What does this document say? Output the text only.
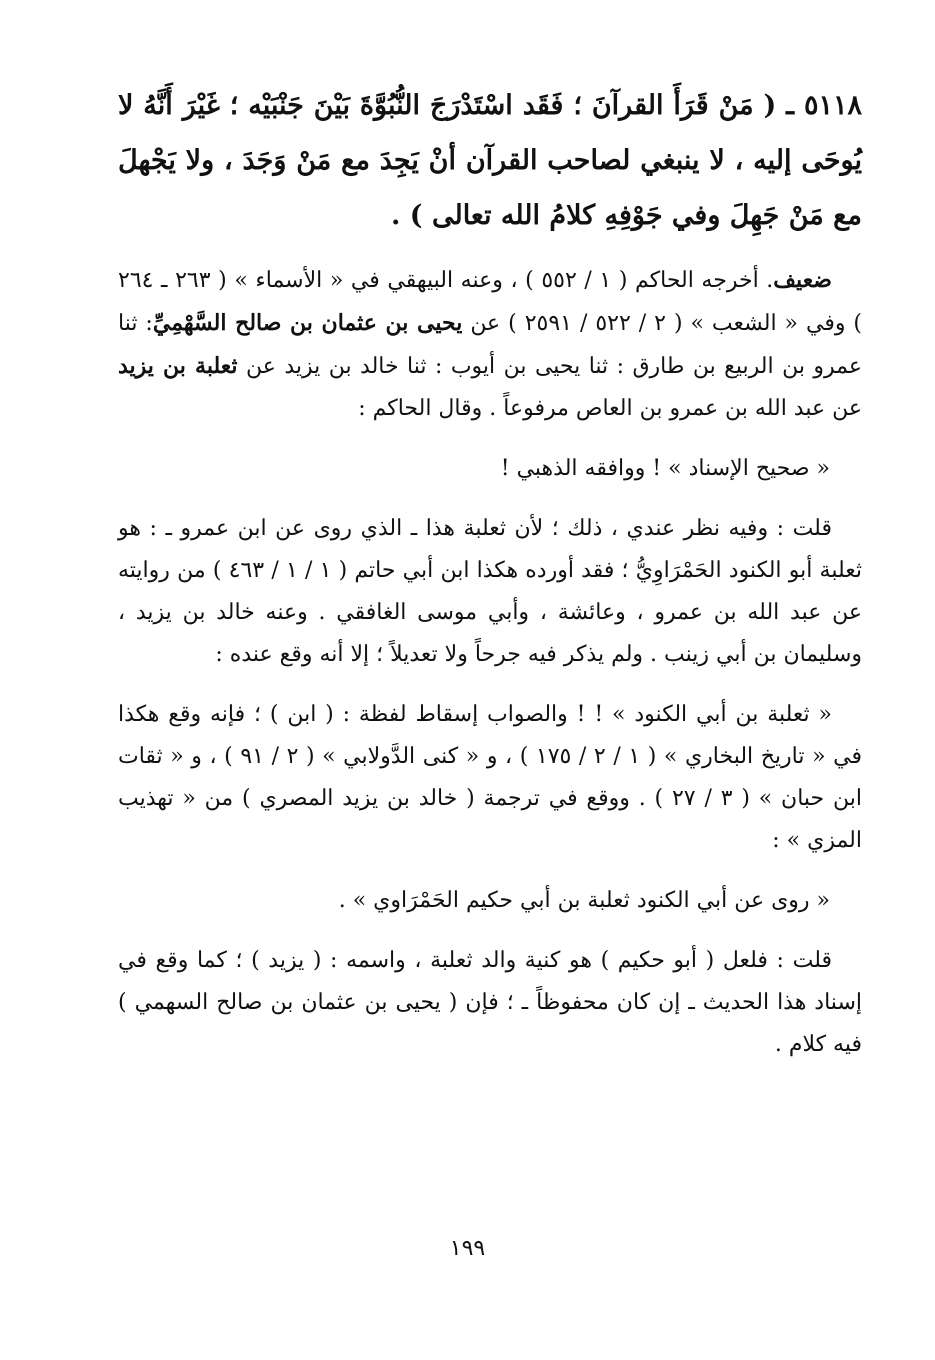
٥١١٨ ـ ( مَنْ قَرَأَ القرآنَ ؛ فَقَد اسْتَدْرَجَ النُّبُوَّةَ بَيْنَ جَنْبَيْه ؛ غَيْرَ أَنَّهُ لا يُوحَى إليه ، لا ينبغي لصاحب القرآن أنْ يَجِدَ مع مَنْ وَجَدَ ، ولا يَجْهلَ مع مَنْ جَهِلَ وفي جَوْفِهِ كلامُ الله تعالى ) .

ضعيف. أخرجه الحاكم ( ١ / ٥٥٢ ) ، وعنه البيهقي في « الأسماء » ( ٢٦٣ ـ ٢٦٤ ) وفي « الشعب » ( ٢ / ٥٢٢ / ٢٥٩١ ) عن يحيى بن عثمان بن صالح السَّهْمِيِّ: ثنا عمرو بن الربيع بن طارق : ثنا يحيى بن أيوب : ثنا خالد بن يزيد عن ثعلبة بن يزيد عن عبد الله بن عمرو بن العاص مرفوعاً . وقال الحاكم :

« صحيح الإسناد » ! ووافقه الذهبي !

قلت : وفيه نظر عندي ، ذلك ؛ لأن ثعلبة هذا ـ الذي روى عن ابن عمرو ـ : هو ثعلبة أبو الكنود الحَمْرَاوِيُّ ؛ فقد أورده هكذا ابن أبي حاتم ( ١ / ١ / ٤٦٣ ) من روايته عن عبد الله بن عمرو ، وعائشة ، وأبي موسى الغافقي . وعنه خالد بن يزيد ، وسليمان بن أبي زينب . ولم يذكر فيه جرحاً ولا تعديلاً ؛ إلا أنه وقع عنده :

« ثعلبة بن أبي الكنود » ! ! والصواب إسقاط لفظة : ( ابن ) ؛ فإنه وقع هكذا في « تاريخ البخاري » ( ١ / ٢ / ١٧٥ ) ، و « كنى الدَّولابي » ( ٢ / ٩١ ) ، و « ثقات ابن حبان » ( ٣ / ٢٧ ) . ووقع في ترجمة ( خالد بن يزيد المصري ) من « تهذيب المزي » :

« روى عن أبي الكنود ثعلبة بن أبي حكيم الحَمْرَاوي » .

قلت : فلعل ( أبو حكيم ) هو كنية والد ثعلبة ، واسمه : ( يزيد ) ؛ كما وقع في إسناد هذا الحديث ـ إن كان محفوظاً ـ ؛ فإن ( يحيى بن عثمان بن صالح السهمي ) فيه كلام .

١٩٩
